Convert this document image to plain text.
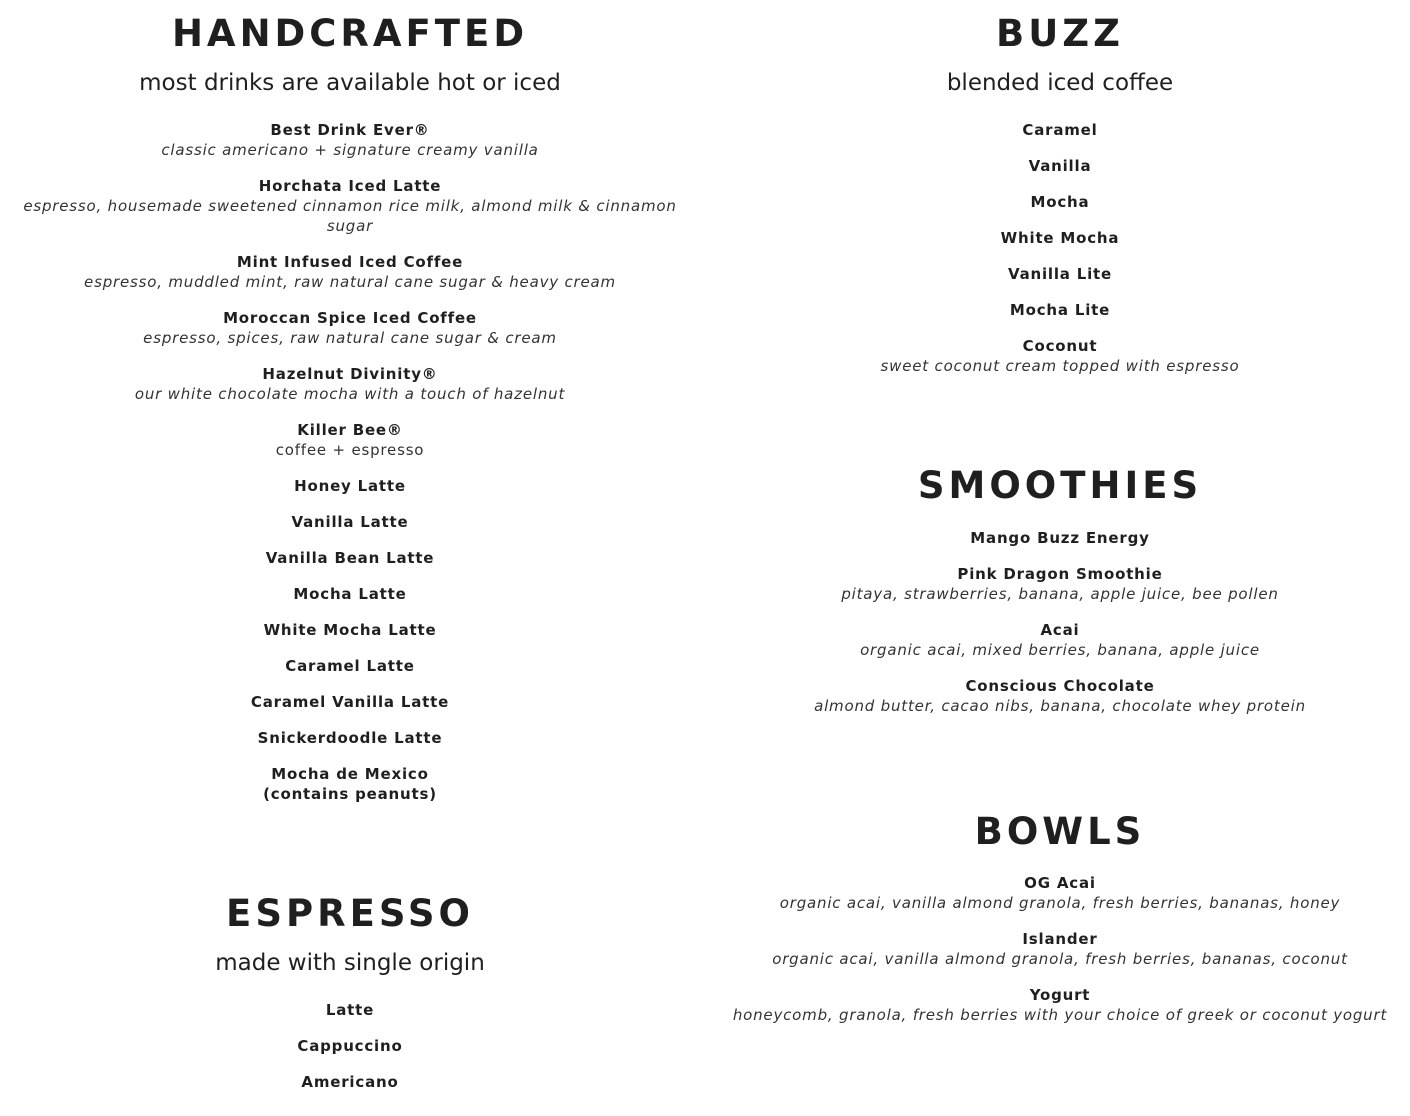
HANDCRAFTED
most drinks are available hot or iced
Best Drink Ever®
classic americano + signature creamy vanilla
Horchata Iced Latte
espresso, housemade sweetened cinnamon rice milk, almond milk & cinnamon sugar
Mint Infused Iced Coffee
espresso, muddled mint, raw natural cane sugar & heavy cream
Moroccan Spice Iced Coffee
espresso, spices, raw natural cane sugar & cream
Hazelnut Divinity®
our white chocolate mocha with a touch of hazelnut
Killer Bee®
coffee + espresso
Honey Latte
Vanilla Latte
Vanilla Bean Latte
Mocha Latte
White Mocha Latte
Caramel Latte
Caramel Vanilla Latte
Snickerdoodle Latte
Mocha de Mexico
(contains peanuts)
ESPRESSO
made with single origin
Latte
Cappuccino
Americano
BUZZ
blended iced coffee
Caramel
Vanilla
Mocha
White Mocha
Vanilla Lite
Mocha Lite
Coconut
sweet coconut cream topped with espresso
SMOOTHIES
Mango Buzz Energy
Pink Dragon Smoothie
pitaya, strawberries, banana, apple juice, bee pollen
Acai
organic acai, mixed berries, banana, apple juice
Conscious Chocolate
almond butter, cacao nibs, banana, chocolate whey protein
BOWLS
OG Acai
organic acai, vanilla almond granola, fresh berries, bananas, honey
Islander
organic acai, vanilla almond granola, fresh berries, bananas, coconut
Yogurt
honeycomb, granola, fresh berries with your choice of greek or coconut yogurt
